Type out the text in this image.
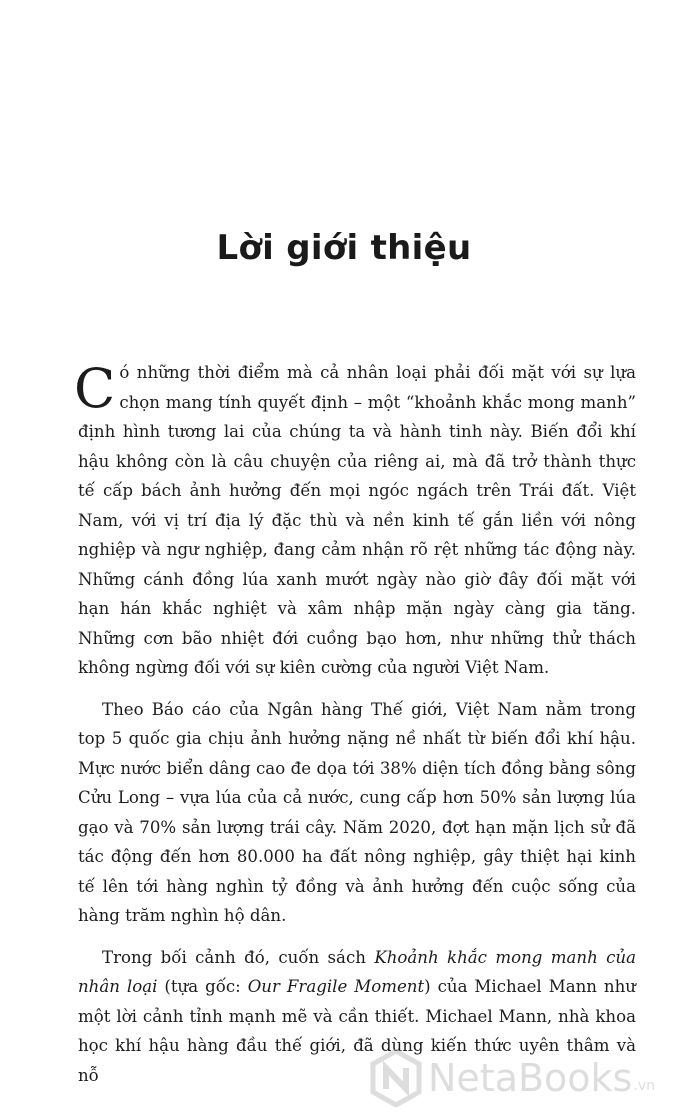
Lời giới thiệu

Có những thời điểm mà cả nhân loại phải đối mặt với sự lựa chọn mang tính quyết định – một “khoảnh khắc mong manh” định hình tương lai của chúng ta và hành tinh này. Biến đổi khí hậu không còn là câu chuyện của riêng ai, mà đã trở thành thực tế cấp bách ảnh hưởng đến mọi ngóc ngách trên Trái đất. Việt Nam, với vị trí địa lý đặc thù và nền kinh tế gắn liền với nông nghiệp và ngư nghiệp, đang cảm nhận rõ rệt những tác động này. Những cánh đồng lúa xanh mướt ngày nào giờ đây đối mặt với hạn hán khắc nghiệt và xâm nhập mặn ngày càng gia tăng. Những cơn bão nhiệt đới cuồng bạo hơn, như những thử thách không ngừng đối với sự kiên cường của người Việt Nam.

Theo Báo cáo của Ngân hàng Thế giới, Việt Nam nằm trong top 5 quốc gia chịu ảnh hưởng nặng nề nhất từ biến đổi khí hậu. Mực nước biển dâng cao đe dọa tới 38% diện tích đồng bằng sông Cửu Long – vựa lúa của cả nước, cung cấp hơn 50% sản lượng lúa gạo và 70% sản lượng trái cây. Năm 2020, đợt hạn mặn lịch sử đã tác động đến hơn 80.000 ha đất nông nghiệp, gây thiệt hại kinh tế lên tới hàng nghìn tỷ đồng và ảnh hưởng đến cuộc sống của hàng trăm nghìn hộ dân.

Trong bối cảnh đó, cuốn sách Khoảnh khắc mong manh của nhân loại (tựa gốc: Our Fragile Moment) của Michael Mann như một lời cảnh tỉnh mạnh mẽ và cần thiết. Michael Mann, nhà khoa học khí hậu hàng đầu thế giới, đã dùng kiến thức uyên thâm và nỗ	NetaBooks .vn
